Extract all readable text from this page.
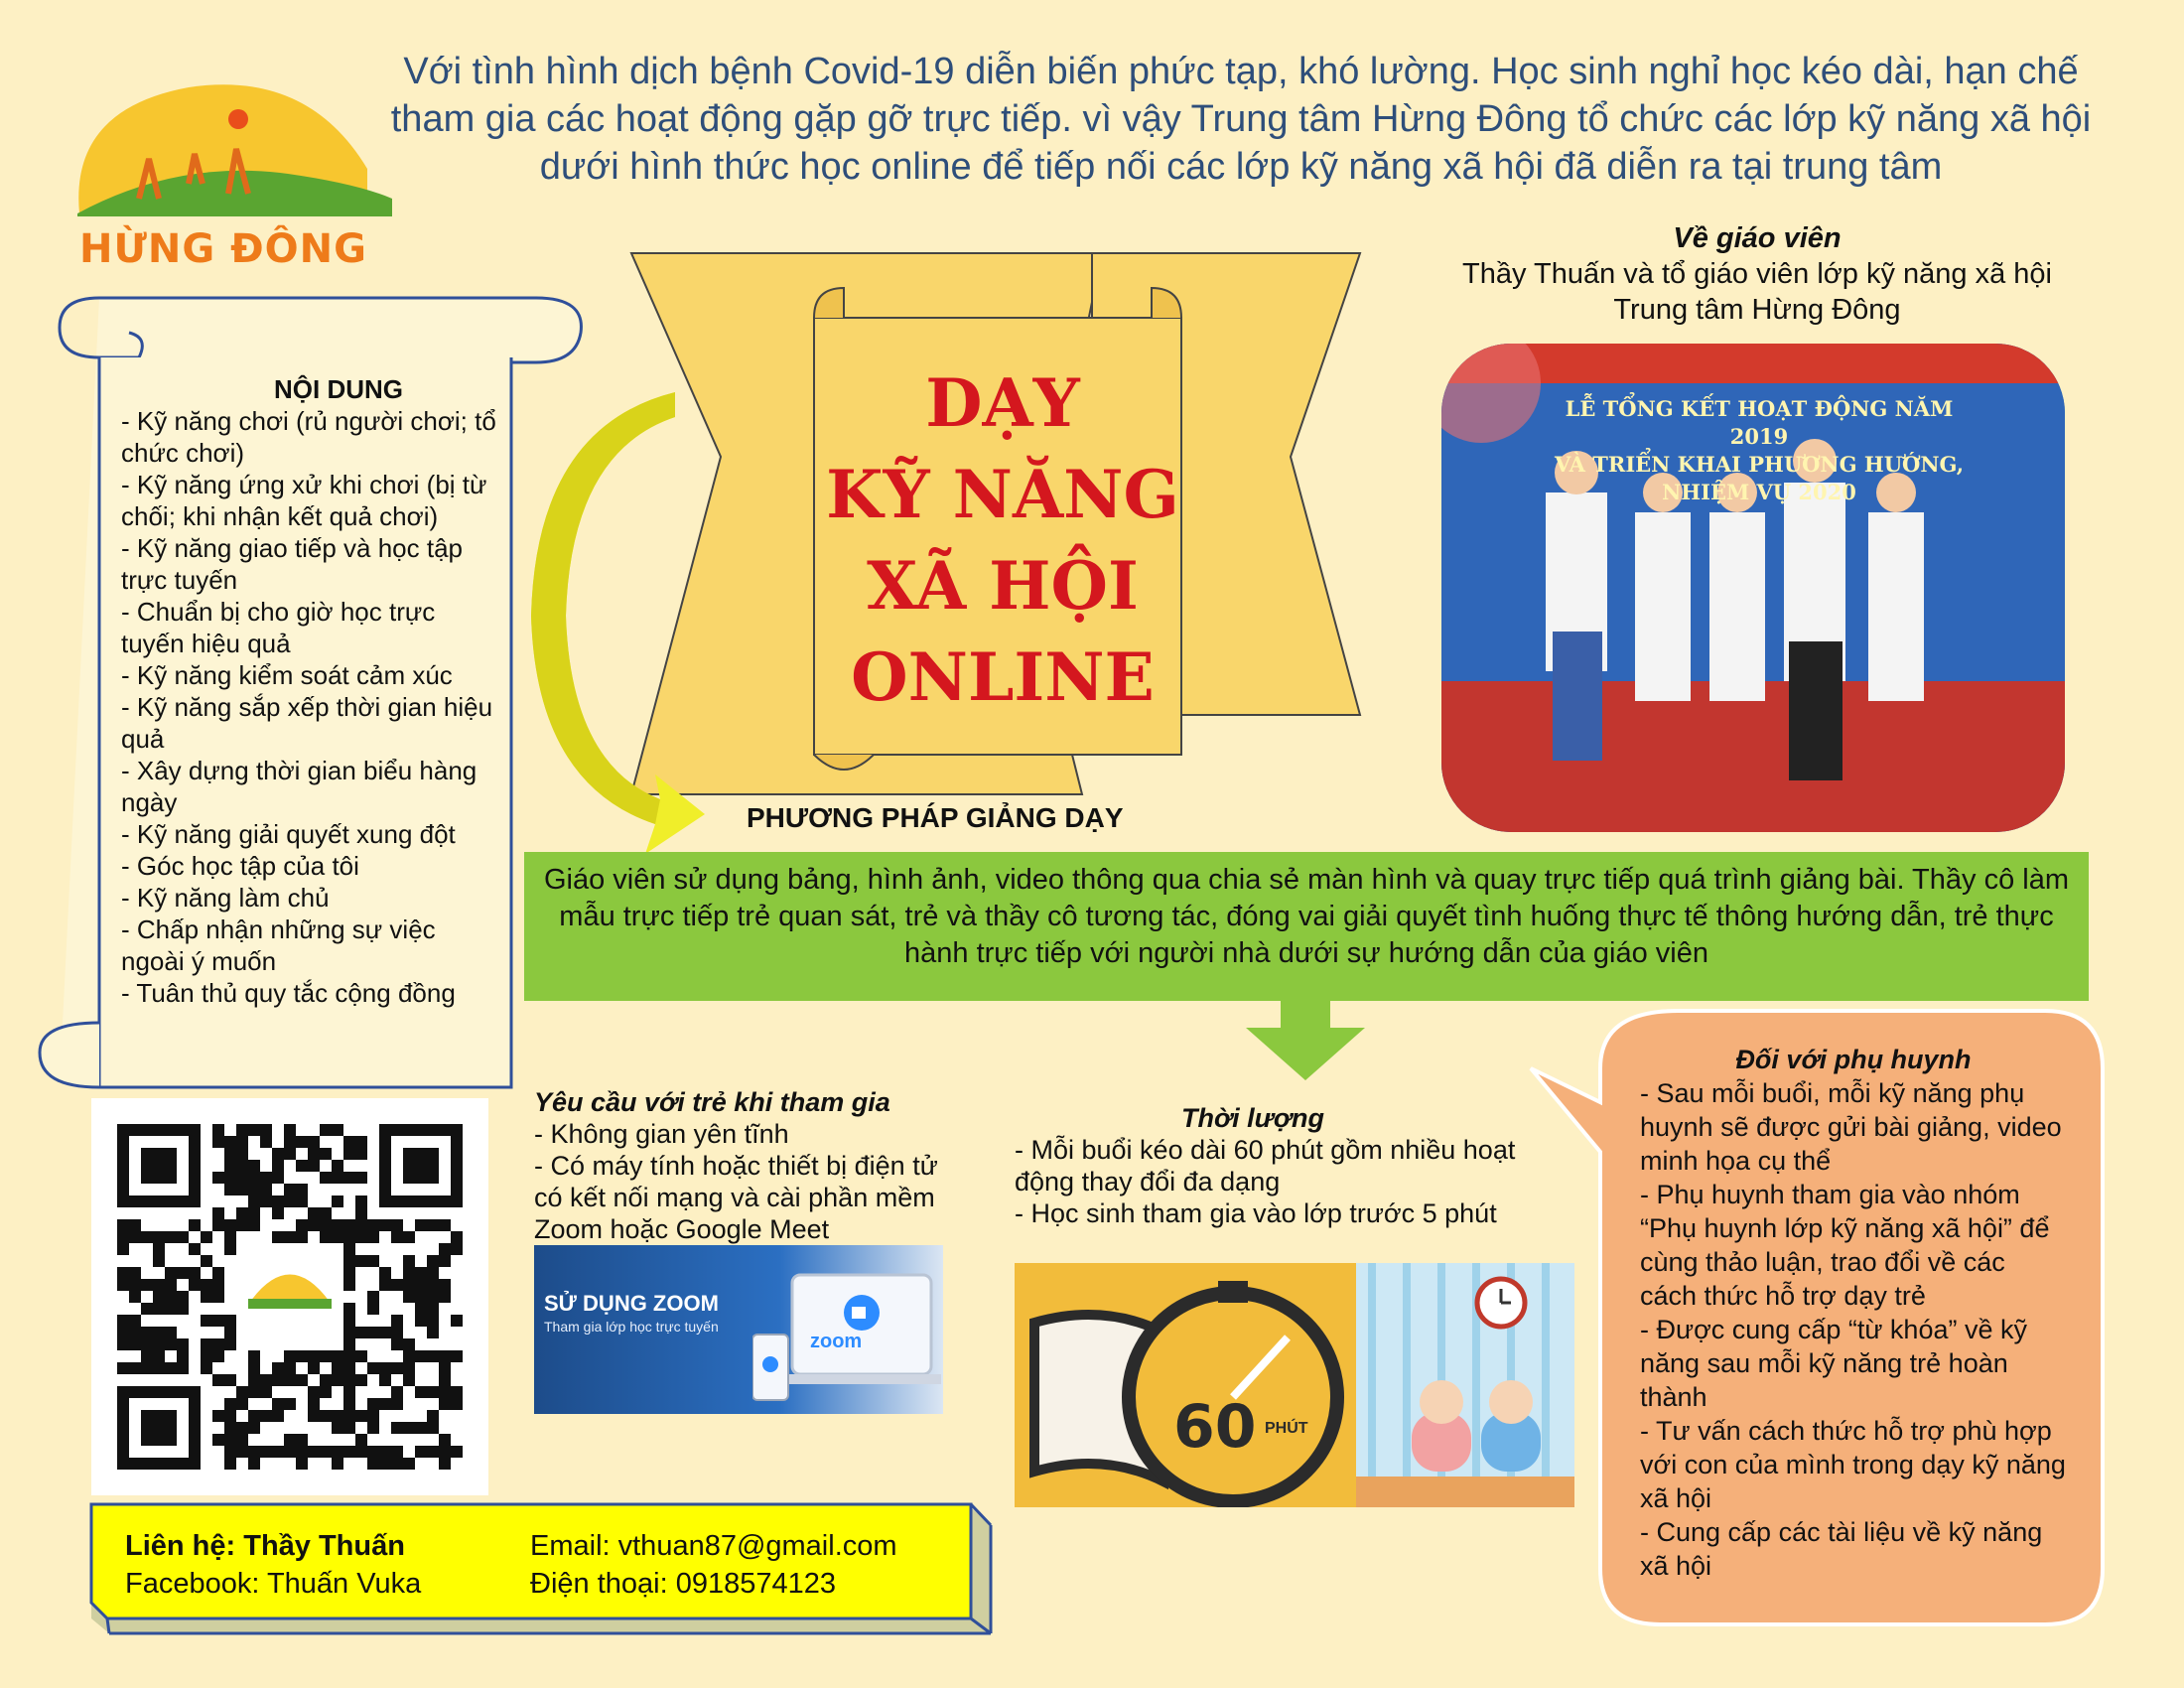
Với tình hình dịch bệnh Covid-19 diễn biến phức tạp, khó lường. Học sinh nghỉ học kéo dài, hạn chế tham gia các hoạt động gặp gỡ trực tiếp. vì vậy Trung tâm Hừng Đông tổ chức các lớp kỹ năng xã hội dưới hình thức học online để tiếp nối các lớp kỹ năng xã hội đã diễn ra tại trung tâm
HỪNG ĐÔNG
NỘI DUNG
- Kỹ năng chơi (rủ người chơi; tổ chức chơi)
- Kỹ năng ứng xử khi chơi (bị từ chối; khi nhận kết quả chơi)
- Kỹ năng giao tiếp và học tập trực tuyến
- Chuẩn bị cho giờ học trực tuyến hiệu quả
- Kỹ năng kiểm soát cảm xúc
- Kỹ năng sắp xếp thời gian hiệu quả
- Xây dựng thời gian biểu hàng ngày
- Kỹ năng giải quyết xung đột
- Góc học tập của tôi
- Kỹ năng làm chủ
- Chấp nhận những sự việc ngoài ý muốn
- Tuân thủ quy tắc cộng đồng
DẠY
KỸ NĂNG
XÃ HỘI
ONLINE
Về giáo viên
Thầy Thuấn và tổ giáo viên lớp kỹ năng xã hội
Trung tâm Hừng Đông
LỄ TỔNG KẾT HOẠT ĐỘNG NĂM 2019
VÀ TRIỂN KHAI PHƯƠNG HƯỚNG, NHIỆM VỤ 2020
PHƯƠNG PHÁP GIẢNG DẠY
Giáo viên sử dụng bảng, hình ảnh, video thông qua chia sẻ màn hình và quay trực tiếp quá trình giảng bài. Thầy cô làm mẫu trực tiếp trẻ quan sát, trẻ và thầy cô tương tác, đóng vai giải quyết tình huống thực tế thông hướng dẫn, trẻ thực hành trực tiếp với người nhà dưới sự hướng dẫn của giáo viên
Yêu cầu với trẻ khi tham gia
- Không gian yên tĩnh
- Có máy tính hoặc thiết bị điện tử có kết nối mạng và cài phần mềm Zoom hoặc Google Meet
SỬ DỤNG ZOOM
Tham gia lớp học trực tuyến
zoom
Thời lượng
- Mỗi buổi kéo dài 60 phút gồm nhiều hoạt động thay đổi đa dạng
- Học sinh tham gia vào lớp trước 5 phút
60 PHÚT
Đối với phụ huynh
- Sau mỗi buổi, mỗi kỹ năng phụ huynh sẽ được gửi bài giảng, video minh họa cụ thể
- Phụ huynh tham gia vào nhóm “Phụ huynh lớp kỹ năng xã hội” để cùng thảo luận, trao đổi về các cách thức hỗ trợ dạy trẻ
- Được cung cấp “từ khóa” về kỹ năng sau mỗi kỹ năng trẻ hoàn thành
- Tư vấn cách thức hỗ trợ phù hợp với con của mình trong dạy kỹ năng xã hội
- Cung cấp các tài liệu về kỹ năng xã hội
Liên hệ: Thầy Thuấn
Facebook: Thuấn Vuka
Email: vthuan87@gmail.com
Điện thoại: 0918574123
